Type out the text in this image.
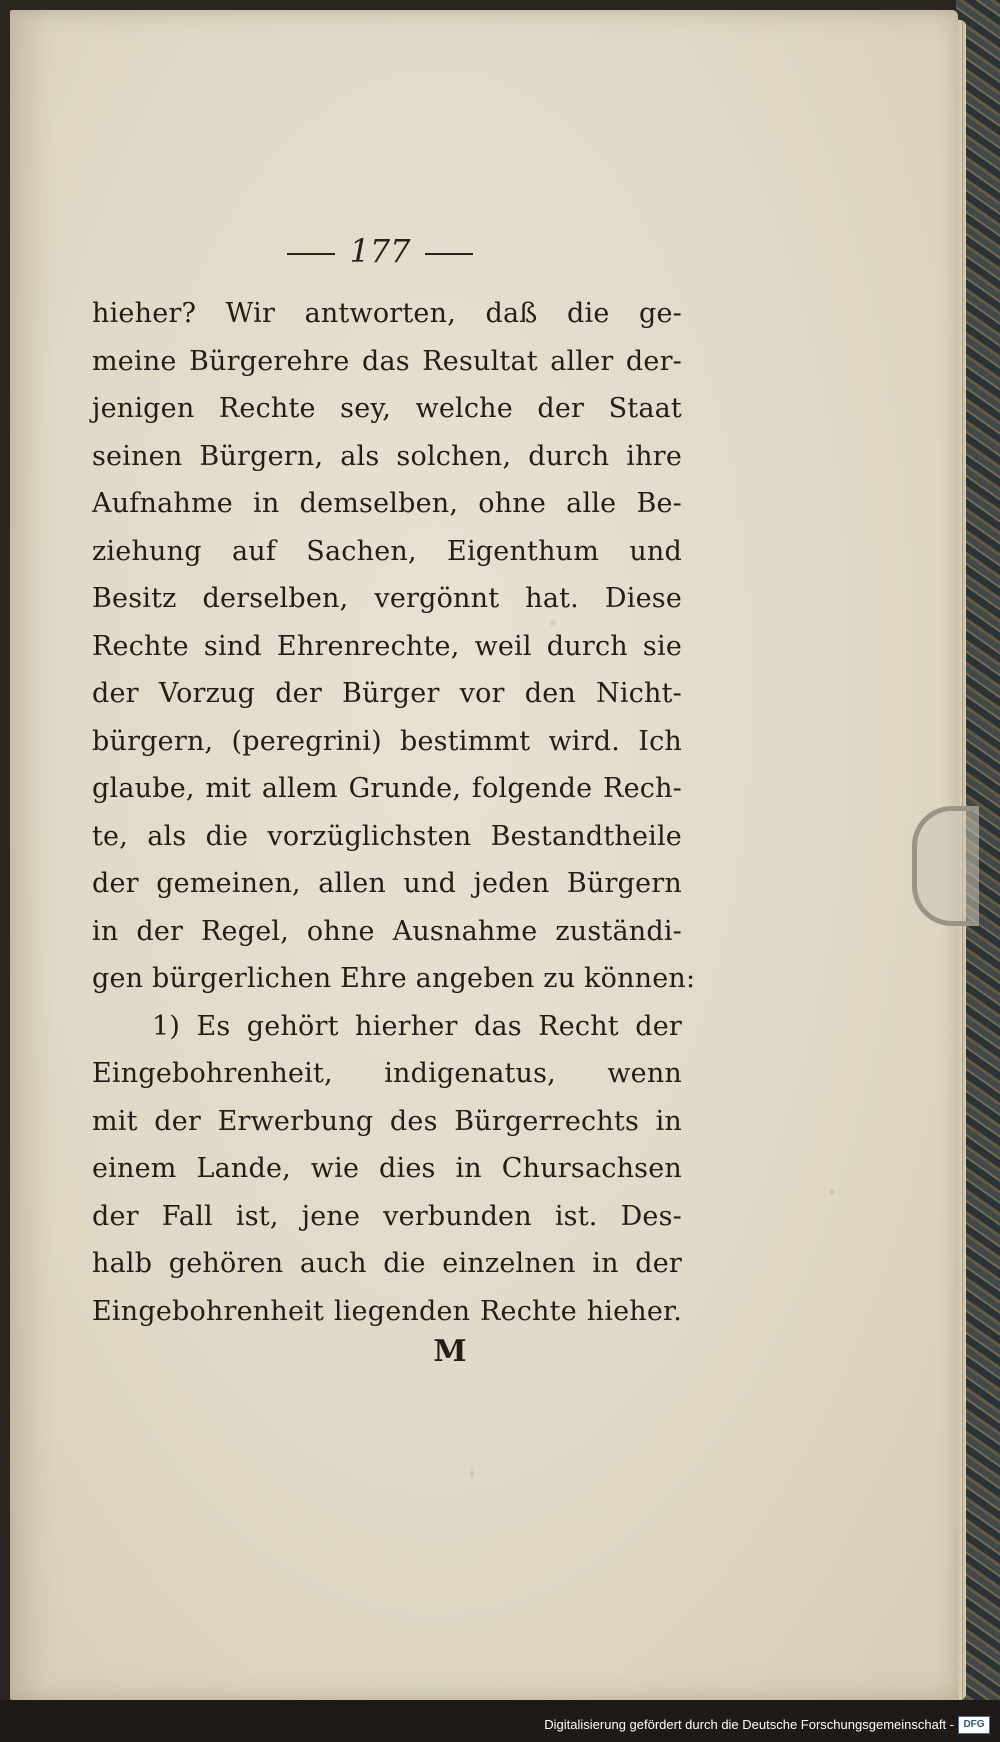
177
hieher? Wir antworten, daß die ge-
meine Bürgerehre das Resultat aller der-
jenigen Rechte sey, welche der Staat
seinen Bürgern, als solchen, durch ihre
Aufnahme in demselben, ohne alle Be-
ziehung auf Sachen, Eigenthum und
Besitz derselben, vergönnt hat. Diese
Rechte sind Ehrenrechte, weil durch sie
der Vorzug der Bürger vor den Nicht-
bürgern, (peregrini) bestimmt wird. Ich
glaube, mit allem Grunde, folgende Rech-
te, als die vorzüglichsten Bestandtheile
der gemeinen, allen und jeden Bürgern
in der Regel, ohne Ausnahme zuständi-
gen bürgerlichen Ehre angeben zu können:
1) Es gehört hierher das Recht der
Eingebohrenheit, indigenatus, wenn
mit der Erwerbung des Bürgerrechts in
einem Lande, wie dies in Chursachsen
der Fall ist, jene verbunden ist. Des-
halb gehören auch die einzelnen in der
Eingebohrenheit liegenden Rechte hieher.
M
Digitalisierung gefördert durch die Deutsche Forschungsgemeinschaft - DFG
